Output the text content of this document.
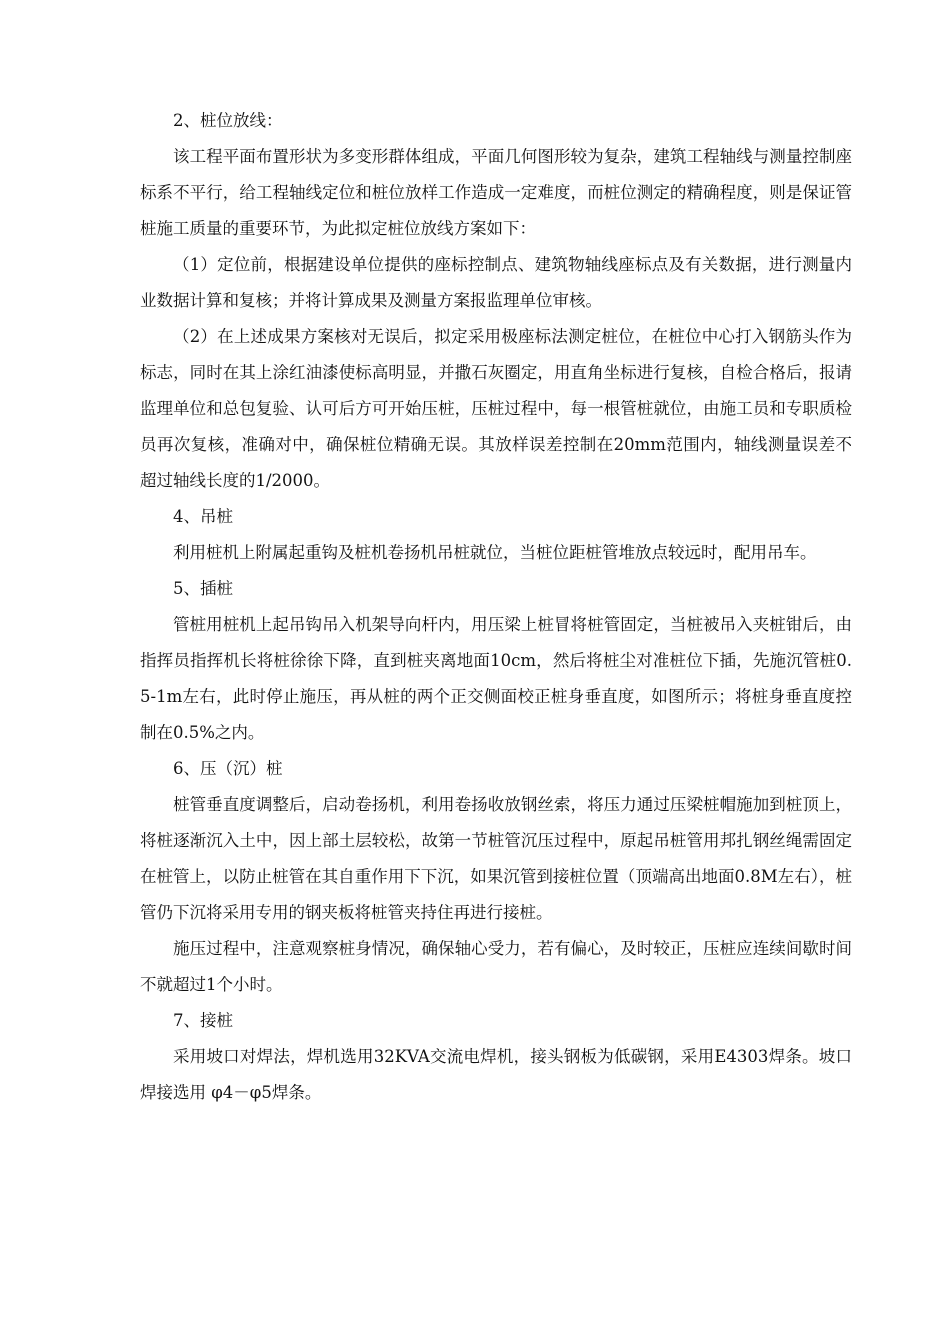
2、桩位放线：

该工程平面布置形状为多变形群体组成，平面几何图形较为复杂，建筑工程轴线与测量控制座标系不平行，给工程轴线定位和桩位放样工作造成一定难度，而桩位测定的精确程度，则是保证管桩施工质量的重要环节，为此拟定桩位放线方案如下：

（1）定位前，根据建设单位提供的座标控制点、建筑物轴线座标点及有关数据，进行测量内业数据计算和复核；并将计算成果及测量方案报监理单位审核。

（2）在上述成果方案核对无误后，拟定采用极座标法测定桩位，在桩位中心打入钢筋头作为标志，同时在其上涂红油漆使标高明显，并撒石灰圈定，用直角坐标进行复核，自检合格后，报请监理单位和总包复验、认可后方可开始压桩，压桩过程中，每一根管桩就位，由施工员和专职质检员再次复核，准确对中，确保桩位精确无误。其放样误差控制在20mm范围内，轴线测量误差不超过轴线长度的1/2000。

4、吊桩

利用桩机上附属起重钩及桩机卷扬机吊桩就位，当桩位距桩管堆放点较远时，配用吊车。

5、插桩

管桩用桩机上起吊钩吊入机架导向杆内，用压梁上桩冒将桩管固定，当桩被吊入夹桩钳后，由指挥员指挥机长将桩徐徐下降，直到桩夹离地面10cm，然后将桩尘对准桩位下插，先施沉管桩0.5-1m左右，此时停止施压，再从桩的两个正交侧面校正桩身垂直度，如图所示；将桩身垂直度控制在0.5%之内。

6、压（沉）桩

桩管垂直度调整后，启动卷扬机，利用卷扬收放钢丝索，将压力通过压梁桩帽施加到桩顶上，将桩逐渐沉入土中，因上部土层较松，故第一节桩管沉压过程中，原起吊桩管用邦扎钢丝绳需固定在桩管上，以防止桩管在其自重作用下下沉，如果沉管到接桩位置（顶端高出地面0.8M左右），桩管仍下沉将采用专用的钢夹板将桩管夹持住再进行接桩。

施压过程中，注意观察桩身情况，确保轴心受力，若有偏心，及时较正，压桩应连续间歇时间不就超过1个小时。

7、接桩

采用坡口对焊法，焊机选用32KVA交流电焊机，接头钢板为低碳钢，采用E4303焊条。坡口焊接选用 φ4－φ5焊条。
